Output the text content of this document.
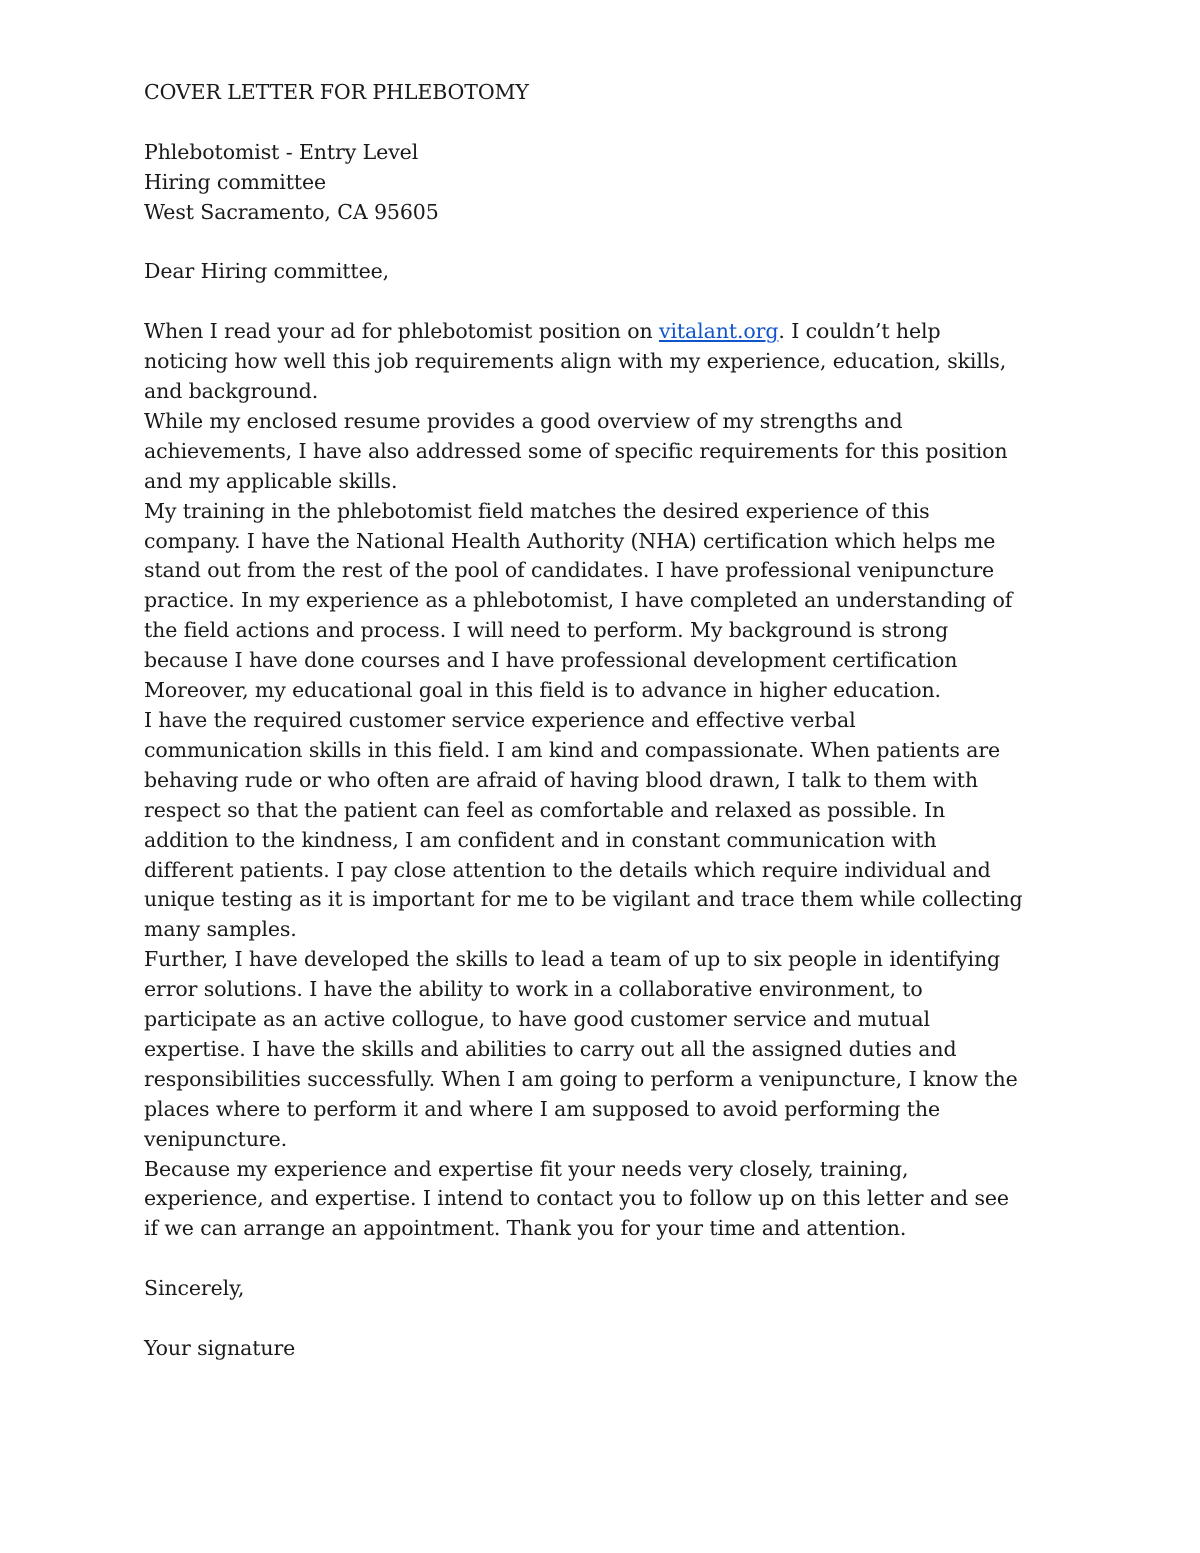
COVER LETTER FOR PHLEBOTOMY
Phlebotomist - Entry Level
Hiring committee
West Sacramento, CA 95605
Dear Hiring committee,
When I read your ad for phlebotomist position on vitalant.org. I couldn’t help
noticing how well this job requirements align with my experience, education, skills,
and background.
While my enclosed resume provides a good overview of my strengths and
achievements, I have also addressed some of specific requirements for this position
and my applicable skills.
My training in the phlebotomist field matches the desired experience of this
company. I have the National Health Authority (NHA) certification which helps me
stand out from the rest of the pool of candidates. I have professional venipuncture
practice. In my experience as a phlebotomist, I have completed an understanding of
the field actions and process. I will need to perform. My background is strong
because I have done courses and I have professional development certification
Moreover, my educational goal in this field is to advance in higher education.
I have the required customer service experience and effective verbal
communication skills in this field. I am kind and compassionate. When patients are
behaving rude or who often are afraid of having blood drawn, I talk to them with
respect so that the patient can feel as comfortable and relaxed as possible. In
addition to the kindness, I am confident and in constant communication with
different patients. I pay close attention to the details which require individual and
unique testing as it is important for me to be vigilant and trace them while collecting
many samples.
Further, I have developed the skills to lead a team of up to six people in identifying
error solutions. I have the ability to work in a collaborative environment, to
participate as an active collogue, to have good customer service and mutual
expertise. I have the skills and abilities to carry out all the assigned duties and
responsibilities successfully. When I am going to perform a venipuncture, I know the
places where to perform it and where I am supposed to avoid performing the
venipuncture.
Because my experience and expertise fit your needs very closely, training,
experience, and expertise. I intend to contact you to follow up on this letter and see
if we can arrange an appointment. Thank you for your time and attention.
Sincerely,
Your signature
